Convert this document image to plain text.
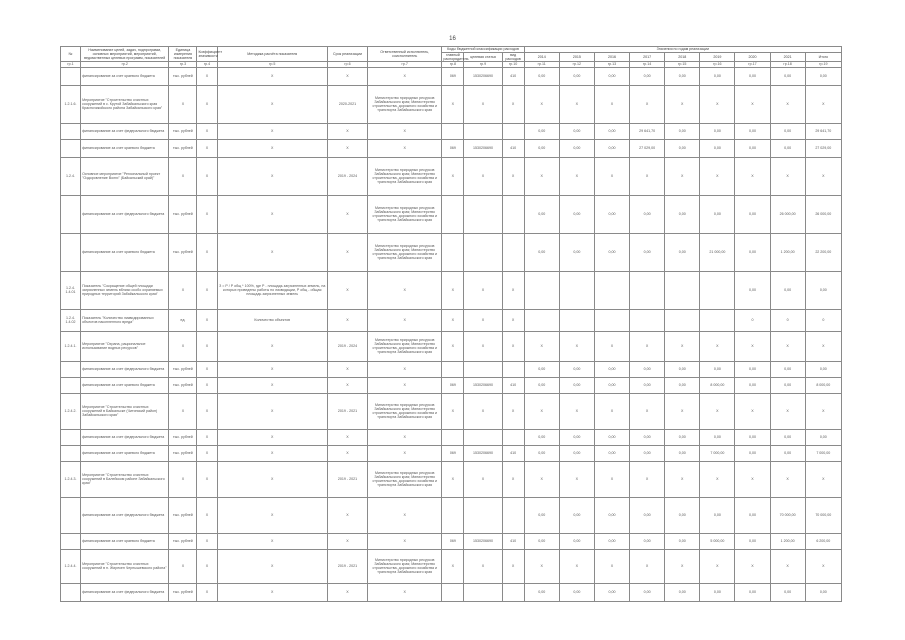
16
№	Наименование целей, задач, подпрограмм, основных мероприятий, мероприятий, ведомственных целевых программ, показателей	Единица измерения показателя	Коэффициент значимости	Методика расчёта показателя	Срок реализации	Ответственный исполнитель, соисполнитель	Коды бюджетной классификации расходов			Значения по годам реализации								
							главный распорядитель	целевая статья	вид расходов	2014	2015	2016	2017	2018	2019	2020	2021	Итого
гр.1	гр.2	гр.3	гр.4	гр.5	гр.6	гр.7	гр.8	гр.9	гр.10	гр.11	гр.12	гр.13	гр.14	гр.15	гр.16	гр.17	гр.18	гр.19
	финансирование за счет краевого бюджета	тыс. рублей	Х	Х	Х	Х	069	1530206690	410	0,00	0,00	0,00	0,00	0,00	0,00	0,00	0,00	0,00
1.2.1.6.	Мероприятие "Строительство очистных сооружений в с. Крутой Забайкальского края Красночикойского района Забайкальского края"	Х	Х	Х	2020-2021	Министерство природных ресурсов Забайкальского края; Министерство строительства, дорожного хозяйства и транспорта Забайкальского края	Х	Х	Х	Х	Х	Х	Х	Х	Х	Х	Х	Х
	финансирование за счет федерального бюджета	тыс. рублей	Х	Х	Х	Х				0,00	0,00	0,00	29 641,70	0,00	0,00	0,00	0,00	29 641,70
	финансирование за счет краевого бюджета	тыс. рублей	Х	Х	Х	Х	069	1530206690	410	0,00	0,00	0,00	27 029,00	0,00	0,00	0,00	0,00	27 029,00
1.2.4.	Основное мероприятие "Региональный проект "Оздоровление Волги" (Байкальский край)"	Х	Х	Х	2019 - 2024	Министерство природных ресурсов Забайкальского края; Министерство строительства, дорожного хозяйства и транспорта Забайкальского края	Х	Х	Х	Х	Х	Х	Х	Х	Х	Х	Х	Х
	финансирование за счет федерального бюджета	тыс. рублей	Х	Х	Х	Министерство природных ресурсов Забайкальского края; Министерство строительства, дорожного хозяйства и транспорта Забайкальского края				0,00	0,00	0,00	0,00	0,00	0,00	0,00	26 000,00	26 000,00
	финансирование за счет краевого бюджета	тыс. рублей	Х	Х	Х	Министерство природных ресурсов Забайкальского края; Министерство строительства, дорожного хозяйства и транспорта Забайкальского края				0,00	0,00	0,00	0,00	0,00	21 000,00	0,00	1 200,00	22 200,00
1.2.4. 1.4.01	Показатель "Сокращение общей площади загрязненных земель вблизи особо охраняемых природных территорий Забайкальского края"	Х	Х	З = Р / Р общ * 100%, где Р - площадь загрязненных земель, на которых проведены работы по ликвидации, Р общ - общая площадь загрязненных земель	Х	Х	Х	Х	Х							0,00	0,00	0,00
1.2.4. 1.4.02	Показатель "Количество ликвидированных объектов накопленного вреда"	ед.	Х	Количество объектов	Х	Х	Х	Х	Х							0	0	0
1.2.4.1.	Мероприятие "Охрана, рациональное использование водных ресурсов"	Х	Х	Х	2019 - 2024	Министерство природных ресурсов Забайкальского края; Министерство строительства, дорожного хозяйства и транспорта Забайкальского края	Х	Х	Х	Х	Х	Х	Х	Х	Х	Х	Х	Х
	финансирование за счет федерального бюджета	тыс. рублей	Х	Х	Х	Х				0,00	0,00	0,00	0,00	0,00	0,00	0,00	0,00	0,00
	финансирование за счет краевого бюджета	тыс. рублей	Х	Х	Х	Х	069	1530206690	410	0,00	0,00	0,00	0,00	0,00	8 000,00	0,00	0,00	8 000,00
1.2.4.2.	Мероприятие "Строительство очистных сооружений в Байкальске (Читинский район) Забайкальского края"	Х	Х	Х	2019 - 2021	Министерство природных ресурсов Забайкальского края; Министерство строительства, дорожного хозяйства и транспорта Забайкальского края	Х	Х	Х	Х	Х	Х	Х	Х	Х	Х	Х	Х
	финансирование за счет федерального бюджета	тыс. рублей	Х	Х	Х	Х				0,00	0,00	0,00	0,00	0,00	0,00	0,00	0,00	0,00
	финансирование за счет краевого бюджета	тыс. рублей	Х	Х	Х	Х	069	1530206690	410	0,00	0,00	0,00	0,00	0,00	7 000,00	0,00	0,00	7 000,00
1.2.4.3.	Мероприятие "Строительство очистных сооружений в Балейском районе Забайкальского края"	Х	Х	Х	2019 - 2021	Министерство природных ресурсов Забайкальского края; Министерство строительства, дорожного хозяйства и транспорта Забайкальского края	Х	Х	Х	Х	Х	Х	Х	Х	Х	Х	Х	Х
	финансирование за счет федерального бюджета	тыс. рублей	Х	Х	Х	Х				0,00	0,00	0,00	0,00	0,00	0,00	0,00	70 000,00	70 000,00
	финансирование за счет краевого бюджета	тыс. рублей	Х	Х	Х	Х	069	1530206690	410	0,00	0,00	0,00	0,00	0,00	5 000,00	0,00	1 200,00	6 200,00
1.2.4.4.	Мероприятие "Строительство очистных сооружений в п. Жирекен Чернышевского района"	Х	Х	Х	2019 - 2021	Министерство природных ресурсов Забайкальского края; Министерство строительства, дорожного хозяйства и транспорта Забайкальского края	Х	Х	Х	Х	Х	Х	Х	Х	Х	Х	Х	Х
	финансирование за счет федерального бюджета	тыс. рублей	Х	Х	Х	Х				0,00	0,00	0,00	0,00	0,00	0,00	0,00	0,00	0,00
